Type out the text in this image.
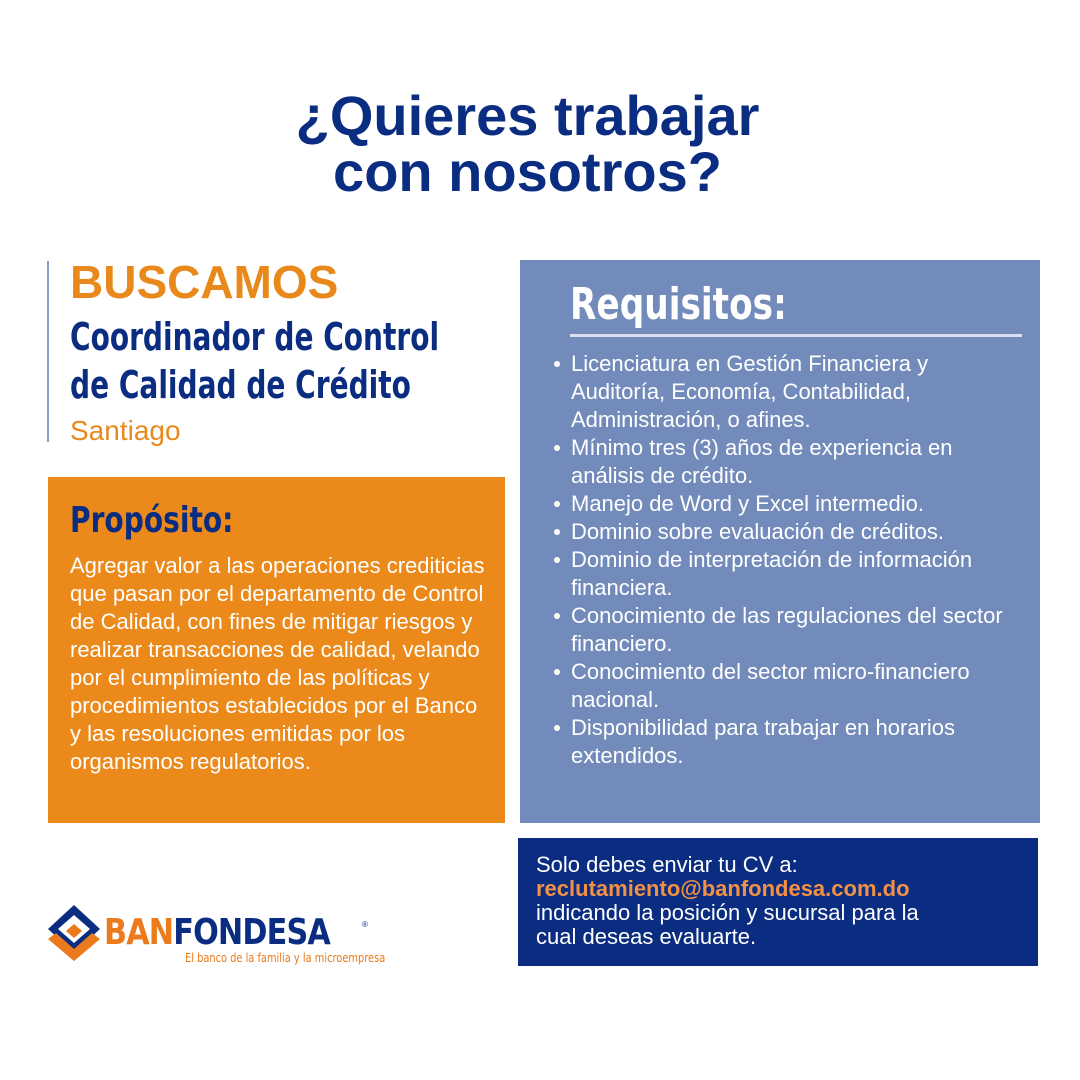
¿Quieres trabajar
con nosotros?
BUSCAMOS
Coordinador de Control
de Calidad de Crédito
Santiago
Propósito:

Agregar valor a las operaciones crediticias que pasan por el departamento de Control de Calidad, con fines de mitigar riesgos y realizar transacciones de calidad, velando por el cumplimiento de las políticas y procedimientos establecidos por el Banco y las resoluciones emitidas por los organismos regulatorios.

Requisitos:
Licenciatura en Gestión Financiera y Auditoría, Economía, Contabilidad, Administración, o afines.
Mínimo tres (3) años de experiencia en análisis de crédito.
Manejo de Word y Excel intermedio.
Dominio sobre evaluación de créditos.
Dominio de interpretación de información financiera.
Conocimiento de las regulaciones del sector financiero.
Conocimiento del sector micro-financiero nacional.
Disponibilidad para trabajar en horarios extendidos.
Solo debes enviar tu CV a:
reclutamiento@banfondesa.com.do
indicando la posición y sucursal para la
cual deseas evaluarte.
BANFONDESA	®
El banco de la familia y la microempresa
